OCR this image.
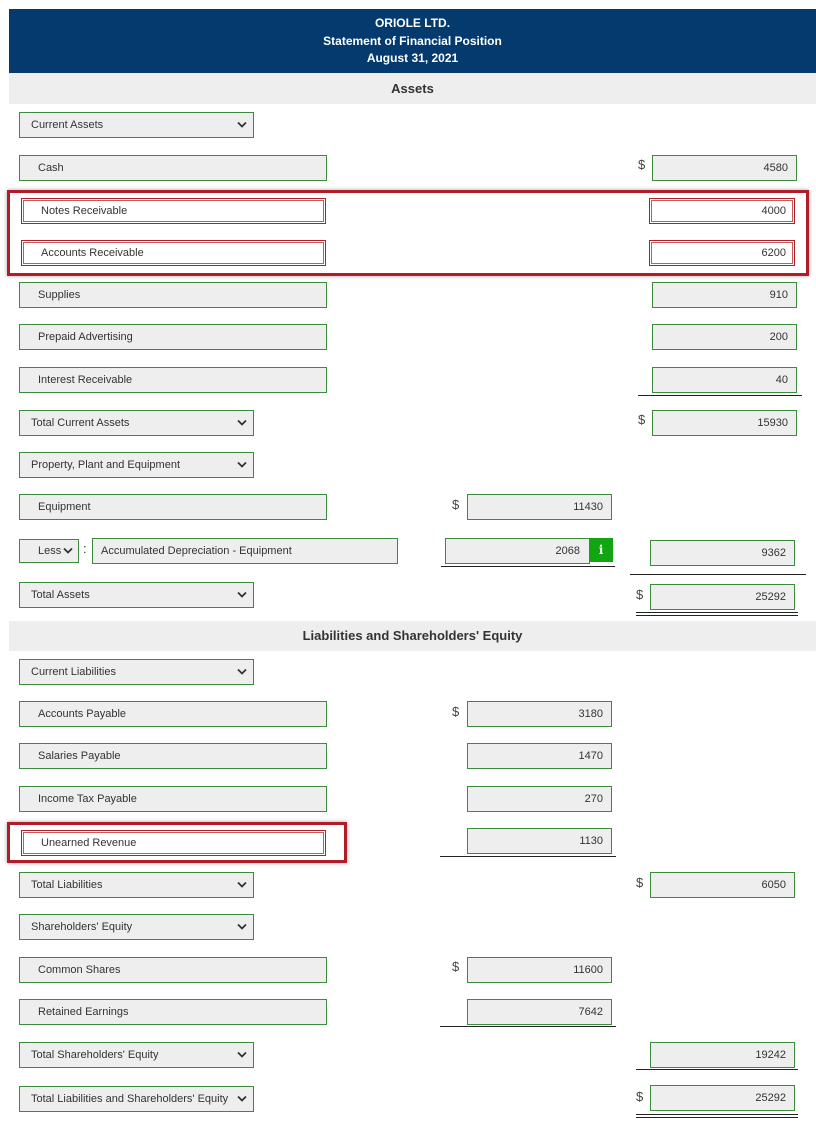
ORIOLE LTD.
Statement of Financial Position
August 31, 2021
Assets
Current Assets
Cash	$	4580
Notes Receivable	4000
Accounts Receivable	6200
Supplies	910
Prepaid Advertising	200
Interest Receivable	40
Total Current Assets	$	15930
Property, Plant and Equipment
Equipment	$	11430
Less	:	Accumulated Depreciation - Equipment	2068	i	9362
Total Assets	$	25292
Liabilities and Shareholders' Equity
Current Liabilities
Accounts Payable	$	3180
Salaries Payable	1470
Income Tax Payable	270
Unearned Revenue	1130
Total Liabilities	$	6050
Shareholders' Equity
Common Shares	$	11600
Retained Earnings	7642
Total Shareholders' Equity	19242
Total Liabilities and Shareholders' Equity	$	25292
